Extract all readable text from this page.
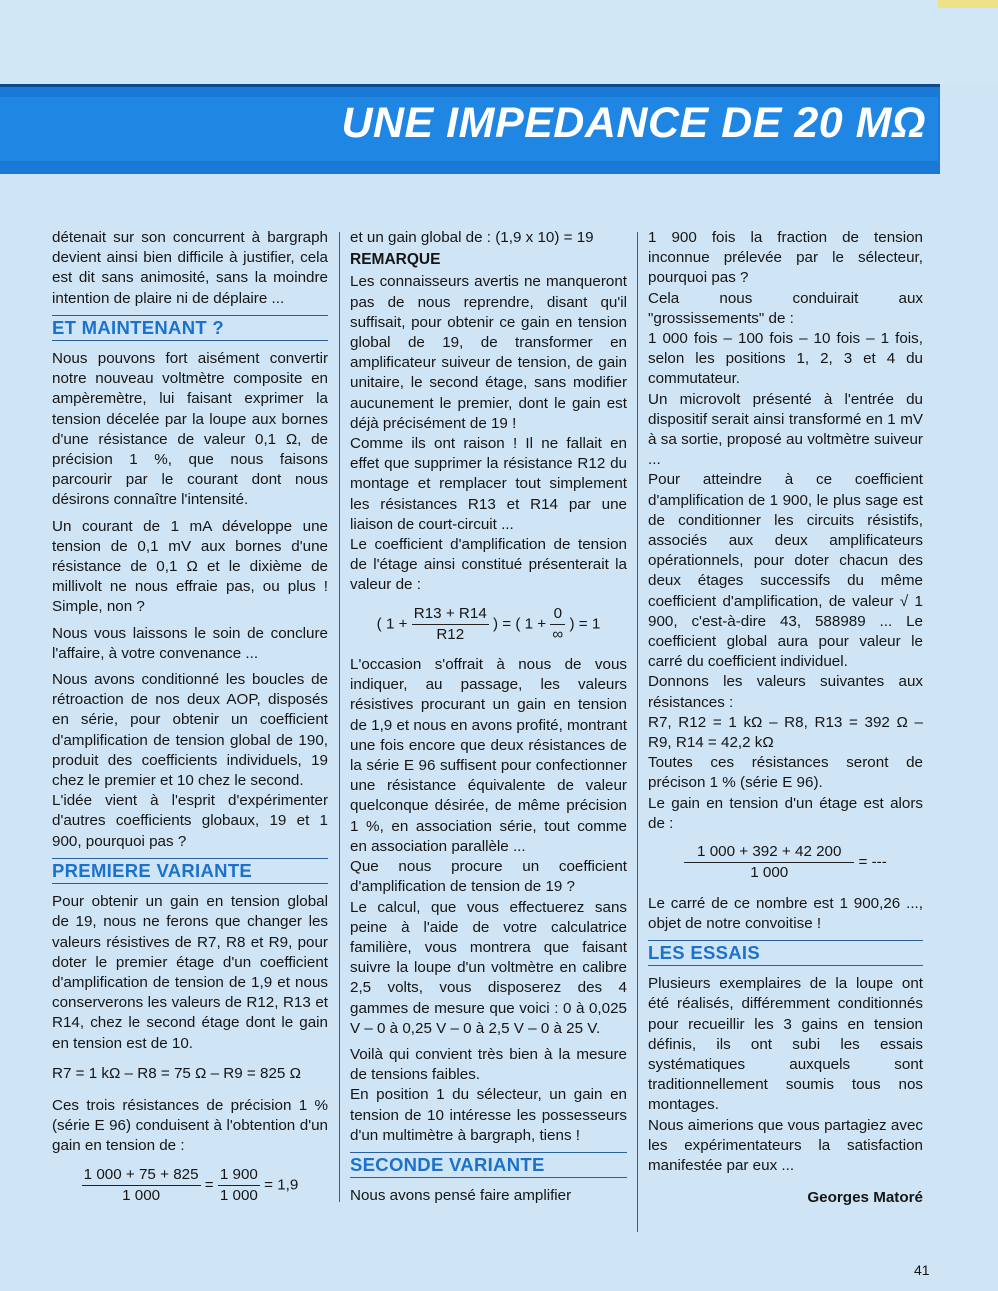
UNE IMPEDANCE DE 20 MΩ

détenait sur son concurrent à bargraph devient ainsi bien difficile à justifier, cela est dit sans animosité, sans la moindre intention de plaire ni de déplaire ...

ET MAINTENANT ?

Nous pouvons fort aisément convertir notre nouveau voltmètre composite en ampèremètre, lui faisant exprimer la tension décelée par la loupe aux bornes d'une résistance de valeur 0,1 Ω, de précision 1 %, que nous faisons parcourir par le courant dont nous désirons connaître l'intensité.

Un courant de 1 mA développe une tension de 0,1 mV aux bornes d'une résistance de 0,1 Ω et le dixième de millivolt ne nous effraie pas, ou plus ! Simple, non ?

Nous vous laissons le soin de conclure l'affaire, à votre convenance ...

Nous avons conditionné les boucles de rétroaction de nos deux AOP, disposés en série, pour obtenir un coefficient d'amplification de tension global de 190, produit des coefficients individuels, 19 chez le premier et 10 chez le second.

L'idée vient à l'esprit d'expérimenter d'autres coefficients globaux, 19 et 1 900, pourquoi pas ?

PREMIERE VARIANTE

Pour obtenir un gain en tension global de 19, nous ne ferons que changer les valeurs résistives de R7, R8 et R9, pour doter le premier étage d'un coefficient d'amplification de tension de 1,9 et nous conserverons les valeurs de R12, R13 et R14, chez le second étage dont le gain en tension est de 10.

R7 = 1 kΩ – R8 = 75 Ω – R9 = 825 Ω

Ces trois résistances de précision 1 % (série E 96) conduisent à l'obtention d'un gain en tension de :

$\frac{1 000 + 75 + 825}{1 000} = \frac{1 900}{1 000} = 1,9$

et un gain global de : (1,9 x 10) = 19

REMARQUE

Les connaisseurs avertis ne manqueront pas de nous reprendre, disant qu'il suffisait, pour obtenir ce gain en tension global de 19, de transformer en amplificateur suiveur de tension, de gain unitaire, le second étage, sans modifier aucunement le premier, dont le gain est déjà précisément de 19 !

Comme ils ont raison ! Il ne fallait en effet que supprimer la résistance R12 du montage et remplacer tout simplement les résistances R13 et R14 par une liaison de court-circuit ...

Le coefficient d'amplification de tension de l'étage ainsi constitué présenterait la valeur de :

( $1 + \frac{R13 + R14}{R12}$ ) = ( $1 + \frac{0}{\infty}$ ) = 1

L'occasion s'offrait à nous de vous indiquer, au passage, les valeurs résistives procurant un gain en tension de 1,9 et nous en avons profité, montrant une fois encore que deux résistances de la série E 96 suffisent pour confectionner une résistance équivalente de valeur quelconque désirée, de même précision 1 %, en association série, tout comme en association parallèle ...

Que nous procure un coefficient d'amplification de tension de 19 ?

Le calcul, que vous effectuerez sans peine à l'aide de votre calculatrice familière, vous montrera que faisant suivre la loupe d'un voltmètre en calibre 2,5 volts, vous disposerez des 4 gammes de mesure que voici : 0 à 0,025 V – 0 à 0,25 V – 0 à 2,5 V – 0 à 25 V.

Voilà qui convient très bien à la mesure de tensions faibles.

En position 1 du sélecteur, un gain en tension de 10 intéresse les possesseurs d'un multimètre à bargraph, tiens !

SECONDE VARIANTE

Nous avons pensé faire amplifier

1 900 fois la fraction de tension inconnue prélevée par le sélecteur, pourquoi pas ?

Cela nous conduirait aux "grossissements" de :

1 000 fois – 100 fois – 10 fois – 1 fois, selon les positions 1, 2, 3 et 4 du commutateur.

Un microvolt présenté à l'entrée du dispositif serait ainsi transformé en 1 mV à sa sortie, proposé au voltmètre suiveur ...

Pour atteindre à ce coefficient d'amplification de 1 900, le plus sage est de conditionner les circuits résistifs, associés aux deux amplificateurs opérationnels, pour doter chacun des deux étages successifs du même coefficient d'amplification, de valeur √ 1 900, c'est-à-dire 43, 588989 ... Le coefficient global aura pour valeur le carré du coefficient individuel.

Donnons les valeurs suivantes aux résistances :

R7, R12 = 1 kΩ – R8, R13 = 392 Ω – R9, R14 = 42,2 kΩ

Toutes ces résistances seront de précison 1 % (série E 96).

Le gain en tension d'un étage est alors de :

$\frac{1 000 + 392 + 42 200}{1 000}$ = ---

Le carré de ce nombre est 1 900,26 ..., objet de notre convoitise !

LES ESSAIS

Plusieurs exemplaires de la loupe ont été réalisés, différemment conditionnés pour recueillir les 3 gains en tension définis, ils ont subi les essais systématiques auxquels sont traditionnellement soumis tous nos montages.

Nous aimerions que vous partagiez avec les expérimentateurs la satisfaction manifestée par eux ...

Georges Matoré
41
